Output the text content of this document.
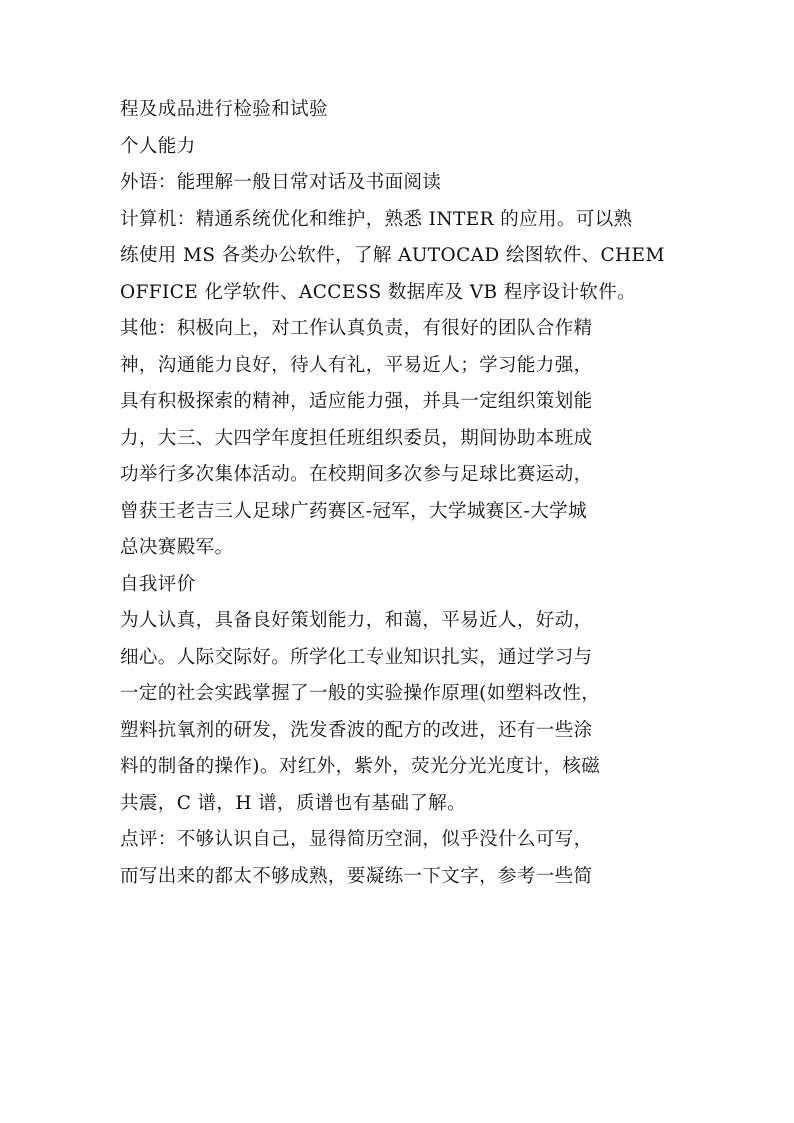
程及成品进行检验和试验
个人能力
外语：能理解一般日常对话及书面阅读
计算机：精通系统优化和维护，熟悉 INTER 的应用。可以熟
练使用 MS 各类办公软件，了解 AUTOCAD 绘图软件、CHEM
OFFICE 化学软件、ACCESS 数据库及 VB 程序设计软件。
其他：积极向上，对工作认真负责，有很好的团队合作精
神，沟通能力良好，待人有礼，平易近人；学习能力强，
具有积极探索的精神，适应能力强，并具一定组织策划能
力，大三、大四学年度担任班组织委员，期间协助本班成
功举行多次集体活动。在校期间多次参与足球比赛运动，
曾获王老吉三人足球广药赛区-冠军，大学城赛区-大学城
总决赛殿军。
自我评价
为人认真，具备良好策划能力，和蔼，平易近人，好动，
细心。人际交际好。所学化工专业知识扎实，通过学习与
一定的社会实践掌握了一般的实验操作原理(如塑料改性，
塑料抗氧剂的研发，洗发香波的配方的改进，还有一些涂
料的制备的操作)。对红外，紫外，荧光分光光度计，核磁
共震，C 谱，H 谱，质谱也有基础了解。
点评：不够认识自己，显得简历空洞，似乎没什么可写，
而写出来的都太不够成熟，要凝练一下文字，参考一些简
